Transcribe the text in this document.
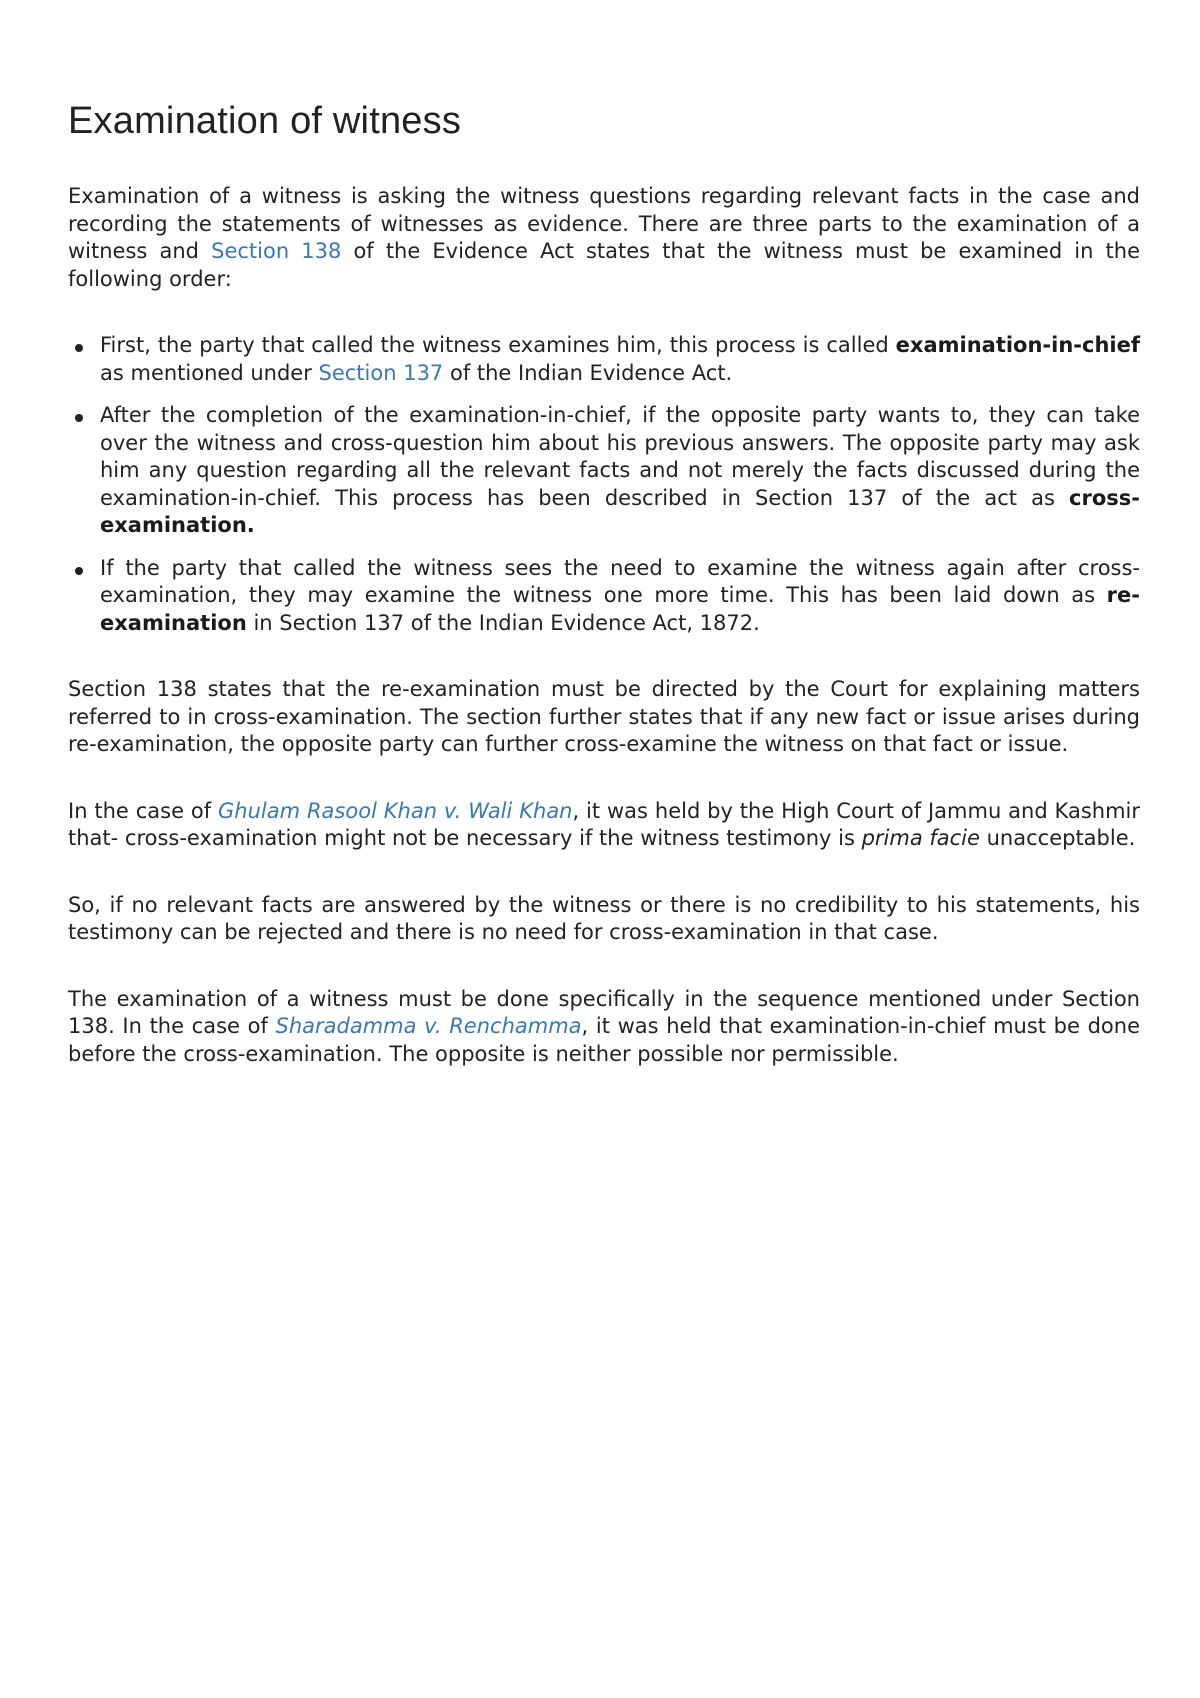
Examination of witness

Examination of a witness is asking the witness questions regarding relevant facts in the case and recording the statements of witnesses as evidence. There are three parts to the examination of a witness and Section 138 of the Evidence Act states that the witness must be examined in the following order:

First, the party that called the witness examines him, this process is called examination-in-chief as mentioned under Section 137 of the Indian Evidence Act.
After the completion of the examination-in-chief, if the opposite party wants to, they can take over the witness and cross-question him about his previous answers. The opposite party may ask him any question regarding all the relevant facts and not merely the facts discussed during the examination-in-chief. This process has been described in Section 137 of the act as cross-examination.
If the party that called the witness sees the need to examine the witness again after cross-examination, they may examine the witness one more time. This has been laid down as re-examination in Section 137 of the Indian Evidence Act, 1872.

Section 138 states that the re-examination must be directed by the Court for explaining matters referred to in cross-examination. The section further states that if any new fact or issue arises during re-examination, the opposite party can further cross-examine the witness on that fact or issue.

In the case of Ghulam Rasool Khan v. Wali Khan, it was held by the High Court of Jammu and Kashmir that- cross-examination might not be necessary if the witness testimony is prima facie unacceptable.

So, if no relevant facts are answered by the witness or there is no credibility to his statements, his testimony can be rejected and there is no need for cross-examination in that case.

The examination of a witness must be done specifically in the sequence mentioned under Section 138. In the case of Sharadamma v. Renchamma, it was held that examination-in-chief must be done before the cross-examination. The opposite is neither possible nor permissible.
